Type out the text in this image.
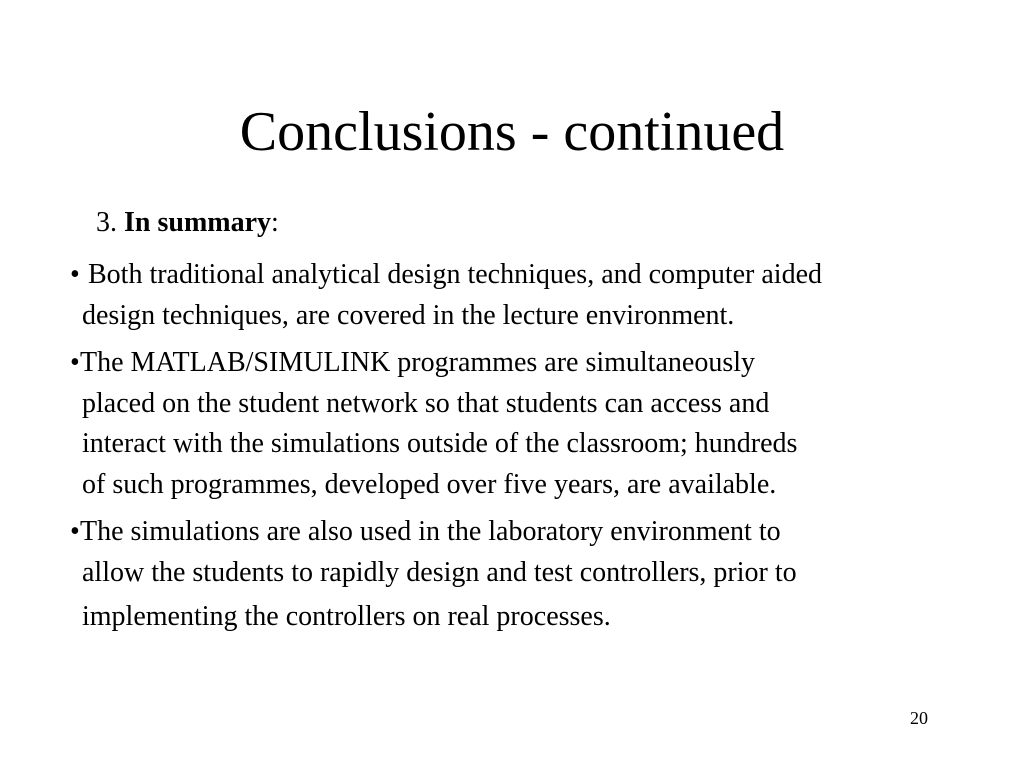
Conclusions - continued
3. In summary:
• Both traditional analytical design techniques, and computer aided
design techniques, are covered in the lecture environment.
• The MATLAB/SIMULINK programmes are simultaneously
placed on the student network so that students can access and
interact with the simulations outside of the classroom; hundreds
of such programmes, developed over five years, are available.
• The simulations are also used in the laboratory environment to
allow the students to rapidly design and test controllers, prior to
implementing the controllers on real processes.
20
